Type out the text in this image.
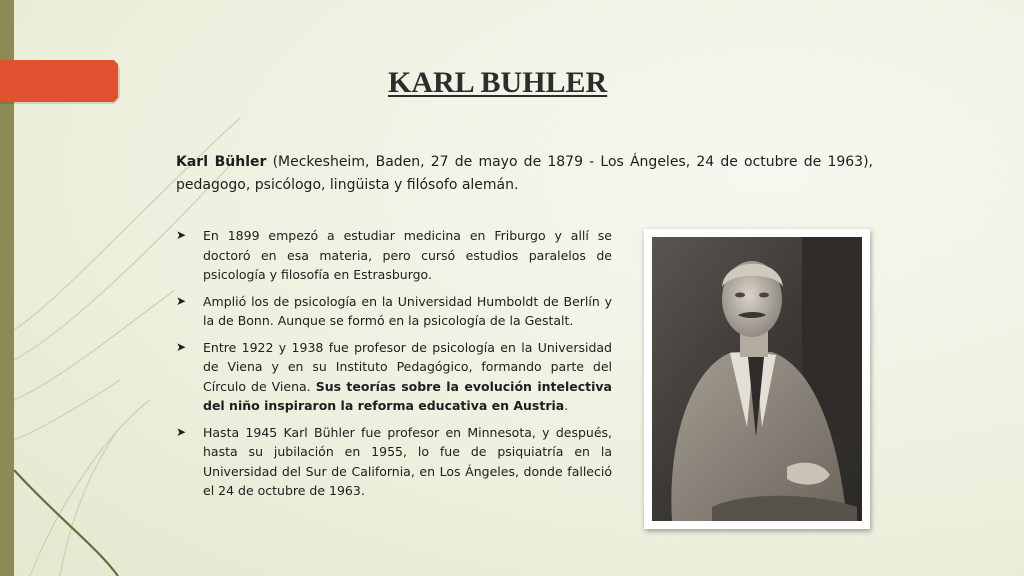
KARL BUHLER

Karl Bühler (Meckesheim, Baden, 27 de mayo de 1879 - Los Ángeles, 24 de octubre de 1963), pedagogo, psicólogo, lingüista y filósofo alemán.

➤ En 1899 empezó a estudiar medicina en Friburgo y allí se doctoró en esa materia, pero cursó estudios paralelos de psicología y filosofía en Estrasburgo.
➤ Amplió los de psicología en la Universidad Humboldt de Berlín y la de Bonn. Aunque se formó en la psicología de la Gestalt.
➤ Entre 1922 y 1938 fue profesor de psicología en la Universidad de Viena y en su Instituto Pedagógico, formando parte del Círculo de Viena. Sus teorías sobre la evolución intelectiva del niño inspiraron la reforma educativa en Austria.
➤ Hasta 1945 Karl Bühler fue profesor en Minnesota, y después, hasta su jubilación en 1955, lo fue de psiquiatría en la Universidad del Sur de California, en Los Ángeles, donde falleció el 24 de octubre de 1963.
